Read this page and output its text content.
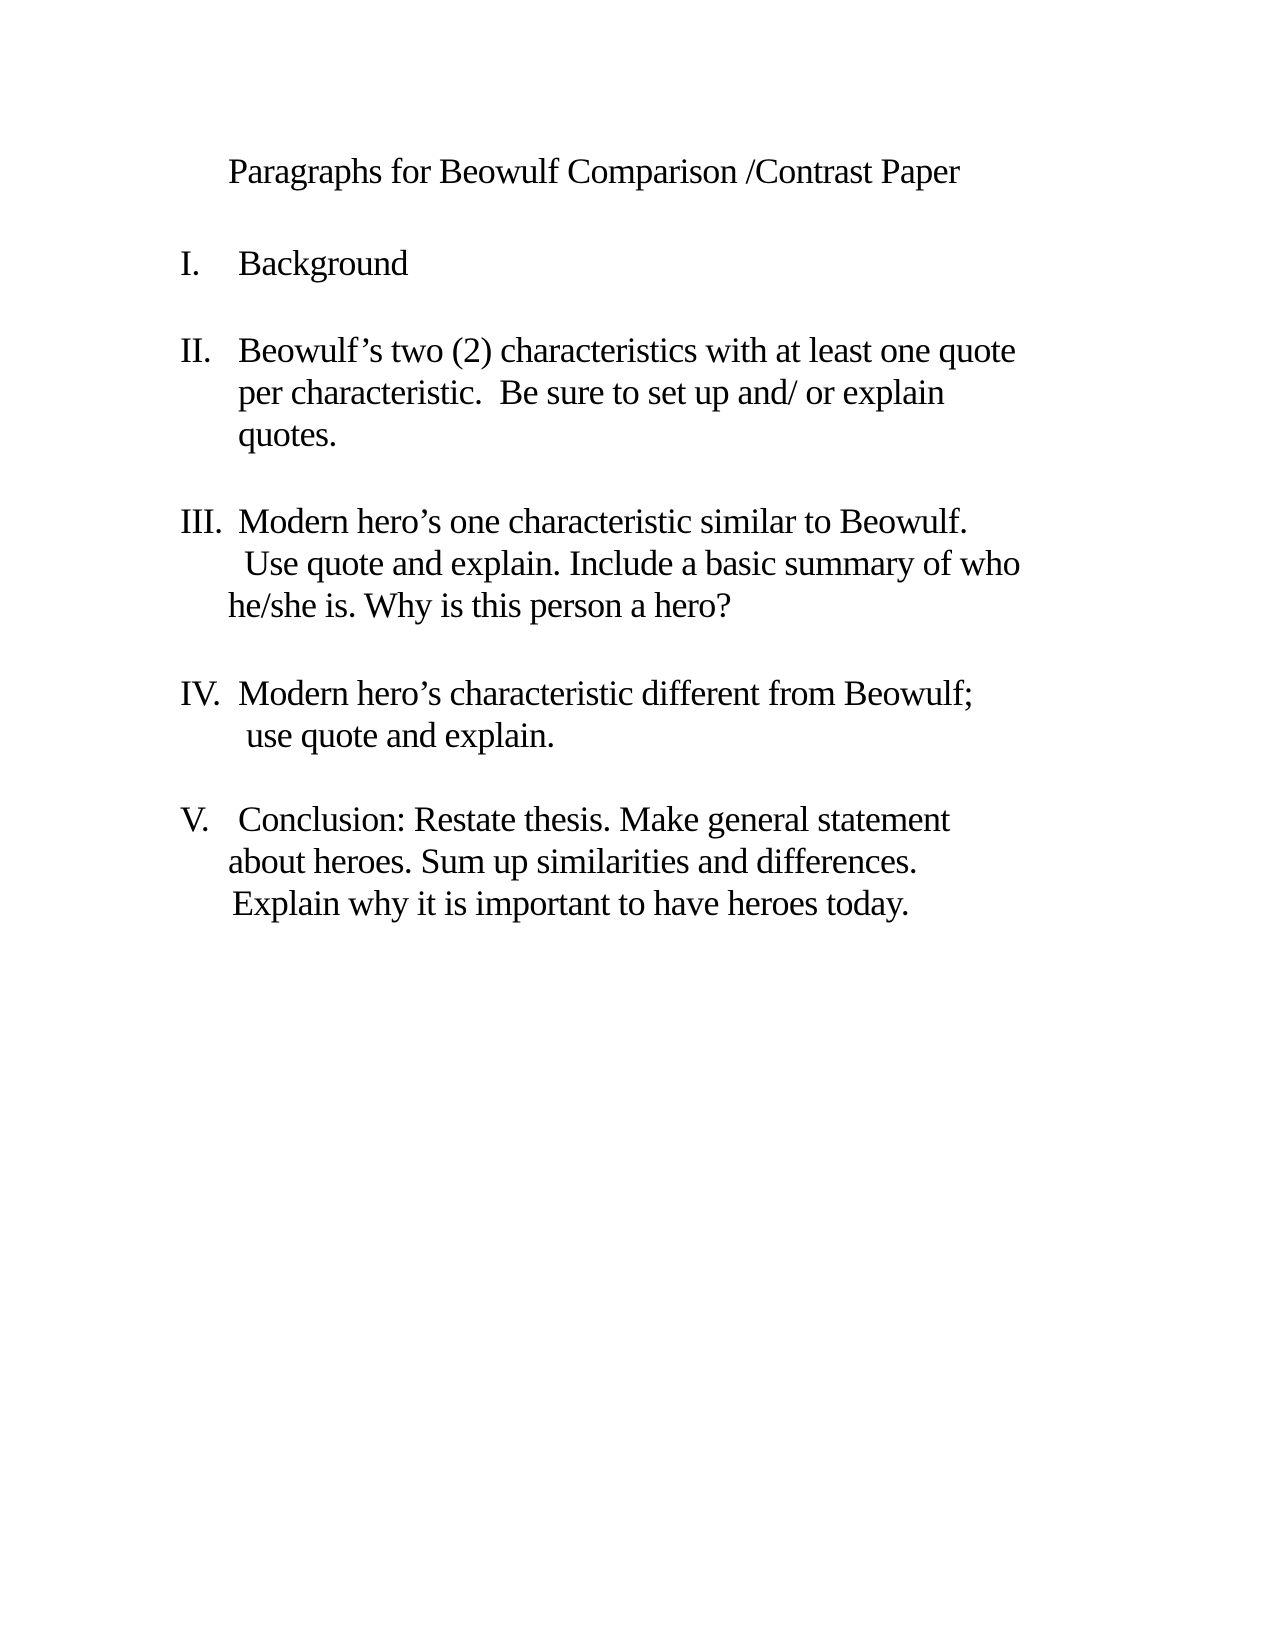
Paragraphs for Beowulf Comparison /Contrast Paper
I. Background
II. Beowulf’s two (2) characteristics with at least one quote
per characteristic.  Be sure to set up and/ or explain
quotes.
III. Modern hero’s one characteristic similar to Beowulf.
Use quote and explain. Include a basic summary of who
he/she is. Why is this person a hero?
IV. Modern hero’s characteristic different from Beowulf;
use quote and explain.
V. Conclusion: Restate thesis. Make general statement
about heroes. Sum up similarities and differences.
Explain why it is important to have heroes today.
